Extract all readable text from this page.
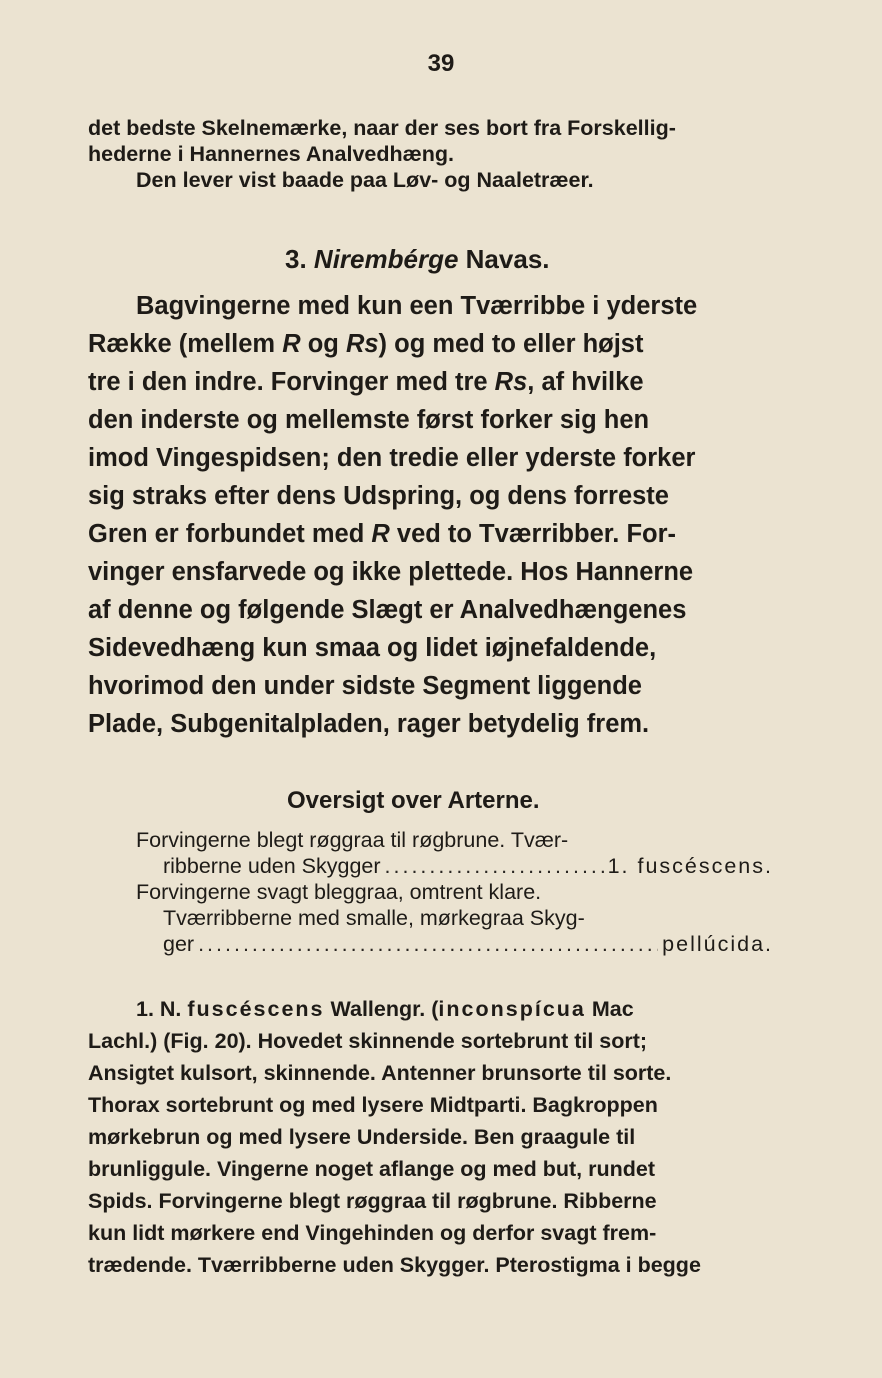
39

det bedste Skelnemærke, naar der ses bort fra Forskellig-

hederne i Hannernes Analvedhæng.

Den lever vist baade paa Løv- og Naaletræer.

3. Nirembérge Navas.

Bagvingerne med kun een Tværribbe i yderste

Række (mellem R og Rs) og med to eller højst

tre i den indre. Forvinger med tre Rs, af hvilke

den inderste og mellemste først forker sig hen

imod Vingespidsen; den tredie eller yderste forker

sig straks efter dens Udspring, og dens forreste

Gren er forbundet med R ved to Tværribber. For-

vinger ensfarvede og ikke plettede. Hos Hannerne

af denne og følgende Slægt er Analvedhængenes

Sidevedhæng kun smaa og lidet iøjnefaldende,

hvorimod den under sidste Segment liggende

Plade, Subgenitalpladen, rager betydelig frem.

Oversigt over Arterne.

Forvingerne blegt røggraa til røgbrune. Tvær-

ribberne uden Skygger .....	1. fuscéscens.

Forvingerne svagt bleggraa, omtrent klare.

Tværribberne med smalle, mørkegraa Skyg-

ger .....	pellúcida.

1. N. fuscéscens Wallengr. (inconspícua Mac

Lachl.) (Fig. 20). Hovedet skinnende sortebrunt til sort;

Ansigtet kulsort, skinnende. Antenner brunsorte til sorte.

Thorax sortebrunt og med lysere Midtparti. Bagkroppen

mørkebrun og med lysere Underside. Ben graagule til

brunliggule. Vingerne noget aflange og med but, rundet

Spids. Forvingerne blegt røggraa til røgbrune. Ribberne

kun lidt mørkere end Vingehinden og derfor svagt frem-

trædende. Tværribberne uden Skygger. Pterostigma i begge
